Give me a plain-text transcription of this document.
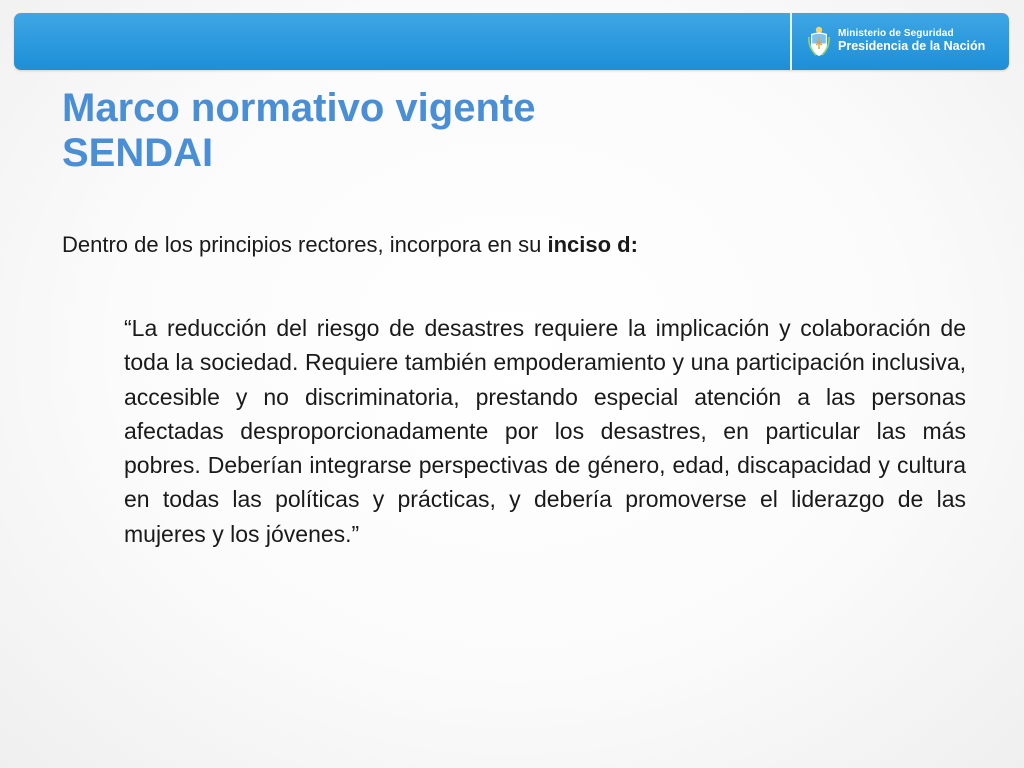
Ministerio de Seguridad
Presidencia de la Nación
Marco normativo vigente
SENDAI

Dentro de los principios rectores, incorpora en su inciso d:

“La reducción del riesgo de desastres requiere la implicación y colaboración de toda la sociedad. Requiere también empoderamiento y una participación inclusiva, accesible y no discriminatoria, prestando especial atención a las personas afectadas desproporcionadamente por los desastres, en particular las más pobres. Deberían integrarse perspectivas de género, edad, discapacidad y cultura en todas las políticas y prácticas, y debería promoverse el liderazgo de las mujeres y los jóvenes.”
